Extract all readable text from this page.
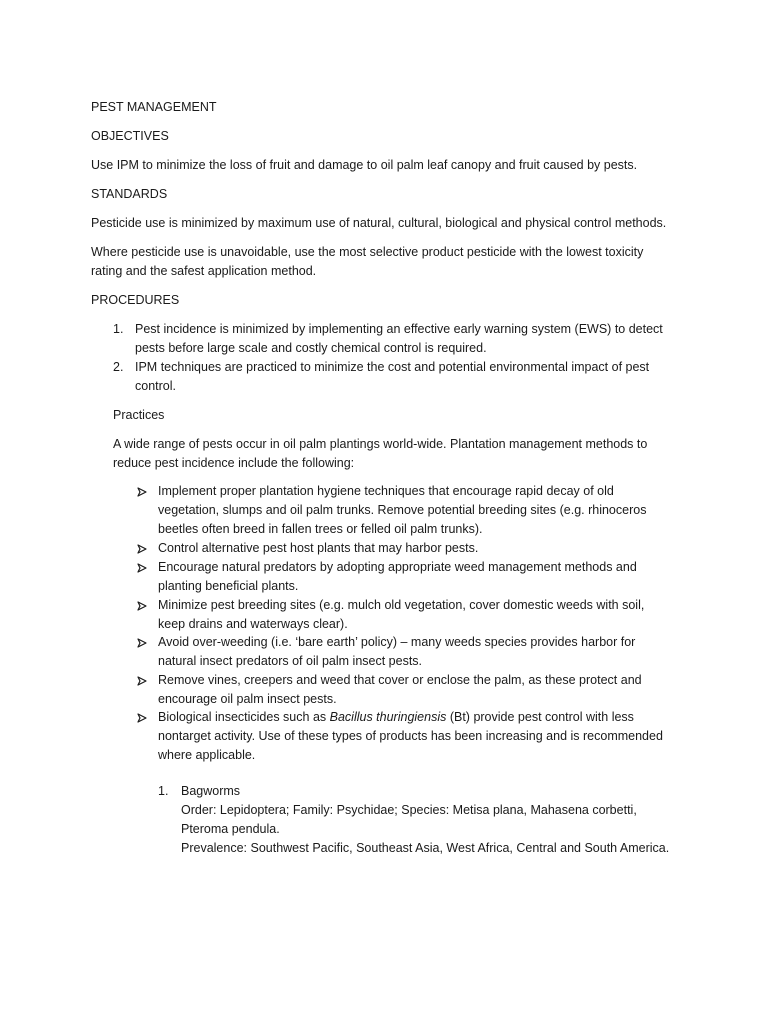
PEST MANAGEMENT

OBJECTIVES

Use IPM to minimize the loss of fruit and damage to oil palm leaf canopy and fruit caused by pests.

STANDARDS

Pesticide use is minimized by maximum use of natural, cultural, biological and physical control methods.

Where pesticide use is unavoidable, use the most selective product pesticide with the lowest toxicity

rating and the safest application method.

PROCEDURES

1. Pest incidence is minimized by implementing an effective early warning system (EWS) to detect

pests before large scale and costly chemical control is required.

2. IPM techniques are practiced to minimize the cost and potential environmental impact of pest

control.

Practices

A wide range of pests occur in oil palm plantings world-wide. Plantation management methods to

reduce pest incidence include the following:

Implement proper plantation hygiene techniques that encourage rapid decay of old

vegetation, slumps and oil palm trunks. Remove potential breeding sites (e.g. rhinoceros

beetles often breed in fallen trees or felled oil palm trunks).

Control alternative pest host plants that may harbor pests.

Encourage natural predators by adopting appropriate weed management methods and

planting beneficial plants.

Minimize pest breeding sites (e.g. mulch old vegetation, cover domestic weeds with soil,

keep drains and waterways clear).

Avoid over-weeding (i.e. ‘bare earth’ policy) – many weeds species provides harbor for

natural insect predators of oil palm insect pests.

Remove vines, creepers and weed that cover or enclose the palm, as these protect and

encourage oil palm insect pests.

Biological insecticides such as Bacillus thuringiensis (Bt) provide pest control with less

nontarget activity. Use of these types of products has been increasing and is recommended

where applicable.

1. Bagworms

Order: Lepidoptera; Family: Psychidae; Species: Metisa plana, Mahasena corbetti,

Pteroma pendula.

Prevalence: Southwest Pacific, Southeast Asia, West Africa, Central and South America.
